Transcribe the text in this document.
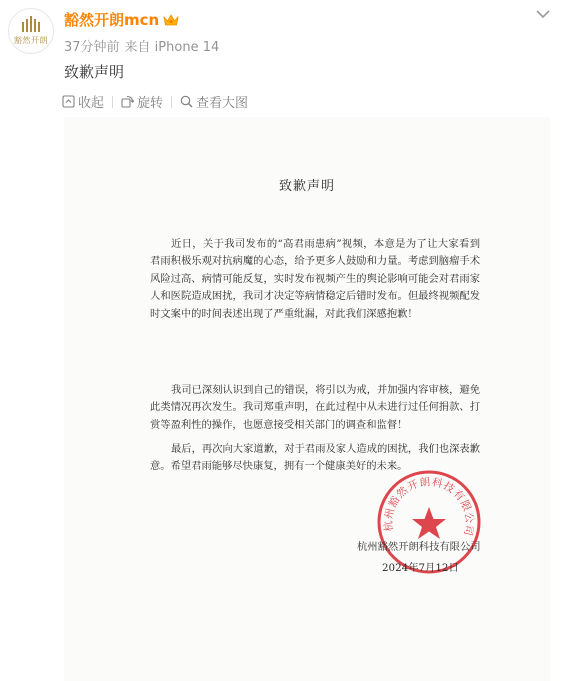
豁然开朗
豁然开朗mcn
37分钟前 来自 iPhone 14
致歉声明
收起	旋转	查看大图
致歉声明

近日，关于我司发布的“高君雨患病”视频，本意是为了让大家看到君雨积极乐观对抗病魔的心态，给予更多人鼓励和力量。考虑到脑瘤手术风险过高、病情可能反复，实时发布视频产生的舆论影响可能会对君雨家人和医院造成困扰，我司才决定等病情稳定后错时发布。但最终视频配发时文案中的时间表述出现了严重纰漏，对此我们深感抱歉！

我司已深刻认识到自己的错误，将引以为戒，并加强内容审核，避免此类情况再次发生。我司郑重声明，在此过程中从未进行过任何捐款、打赏等盈利性的操作，也愿意接受相关部门的调查和监督！

最后，再次向大家道歉，对于君雨及家人造成的困扰，我们也深表歉意。希望君雨能够尽快康复，拥有一个健康美好的未来。

杭州豁然开朗科技有限公司
杭州豁然开朗科技有限公司
2024年7月12日
